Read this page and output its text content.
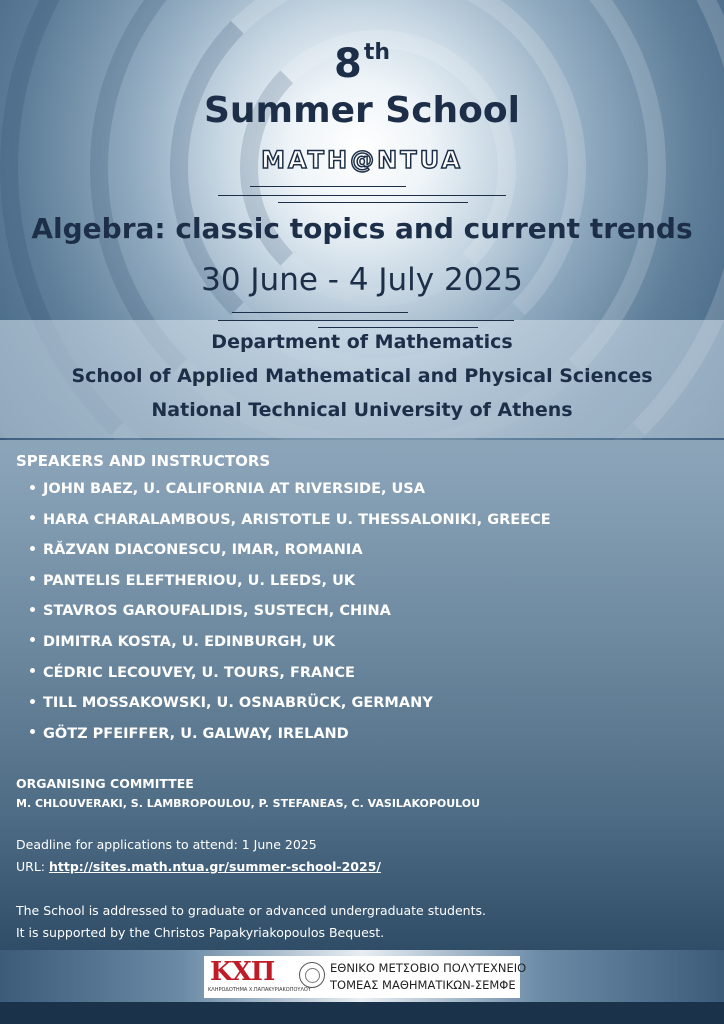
8th
Summer School
MATH@NTUA
Algebra: classic topics and current trends
30 June - 4 July 2025
Department of Mathematics
School of Applied Mathematical and Physical Sciences
National Technical University of Athens
SPEAKERS AND INSTRUCTORS
JOHN BAEZ, U. CALIFORNIA AT RIVERSIDE, USA
HARA CHARALAMBOUS, ARISTOTLE U. THESSALONIKI, GREECE
RĂZVAN DIACONESCU, IMAR, ROMANIA
PANTELIS ELEFTHERIOU, U. LEEDS, UK
STAVROS GAROUFALIDIS, SUSTECH, CHINA
DIMITRA KOSTA, U. EDINBURGH, UK
CÉDRIC LECOUVEY, U. TOURS, FRANCE
TILL MOSSAKOWSKI, U. OSNABRÜCK, GERMANY
GÖTZ PFEIFFER, U. GALWAY, IRELAND
ORGANISING COMMITTEE
M. CHLOUVERAKI, S. LAMBROPOULOU, P. STEFANEAS, C. VASILAKOPOULOU
Deadline for applications to attend: 1 June 2025
URL: http://sites.math.ntua.gr/summer-school-2025/
The School is addressed to graduate or advanced undergraduate students.
It is supported by the Christos Papakyriakopoulos Bequest.
ΚΧΠ
ΚΛΗΡΟΔΟΤΗΜΑ Χ.ΠΑΠΑΚΥΡΙΑΚΟΠΟΥΛΟΥ
ΕΘΝΙΚΟ ΜΕΤΣΟΒΙΟ ΠΟΛΥΤΕΧΝΕΙΟ
ΤΟΜΕΑΣ ΜΑΘΗΜΑΤΙΚΩΝ-ΣΕΜΦΕ
